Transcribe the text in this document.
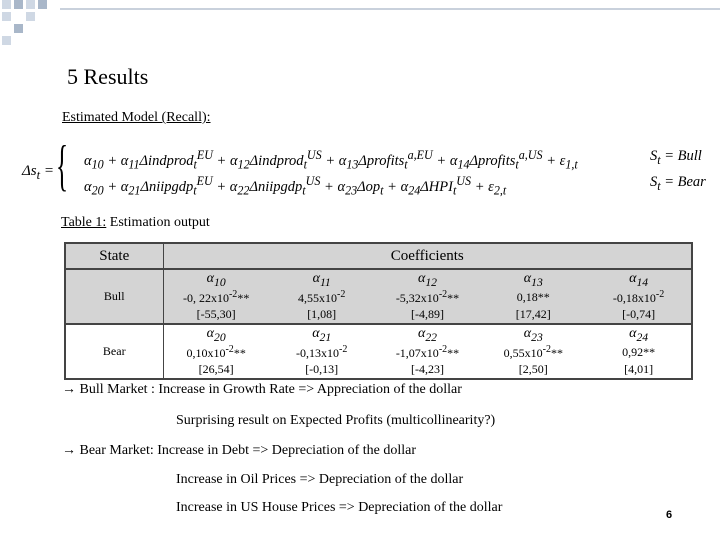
5 Results
Estimated Model (Recall):
$\Delta s_t$ = { $\alpha_{10}$ + $\alpha_{11}\Delta indprod_t^{EU}$ + $\alpha_{12}\Delta indprod_t^{US}$ + $\alpha_{13}\Delta profits_t^{a,EU}$ + $\alpha_{14}\Delta profits_t^{a,US} + \varepsilon_{1,t}$
$\alpha_{20}$ + $\alpha_{21}\Delta niipgdp_t^{EU}$ + $\alpha_{22}\Delta niipgdp_t^{US} + \alpha_{23}\Delta op_t + \alpha_{24}\Delta HPI_t^{US} + \varepsilon_{2,t}$
$S_t$ = Bull
$S_t$ = Bear
Table 1: Estimation output
State	Coefficients				
Bull	$\alpha_{10}$	$\alpha_{11}$	$\alpha_{12}$	$\alpha_{13}$	$\alpha_{14}$
	-0, $22x10^{-2}**$	$4,55x10^{-2}$	$-5,32x10^{-2}**$	0,18**	$-0,18x10^{-2}$
	[-55,30]	[1,08]	[-4,89]	[17,42]	[-0,74]
Bear	$\alpha_{20}$	$\alpha_{21}$	$\alpha_{22}$	$\alpha_{23}$	$\alpha_{24}$
	$0,10x10^{-2}**$	$-0,13x10^{-2}$	$-1,07x10^{-2}**$	$0,55x10^{-2}**$	0,92**
	[26,54]	[-0,13]	[-4,23]	[2,50]	[4,01]
→ Bull Market : Increase in Growth Rate => Appreciation of the dollar
Surprising result on Expected Profits (multicollinearity?)
→ Bear Market: Increase in Debt => Depreciation of the dollar
Increase in Oil Prices => Depreciation of the dollar
Increase in US House Prices => Depreciation of the dollar	6
